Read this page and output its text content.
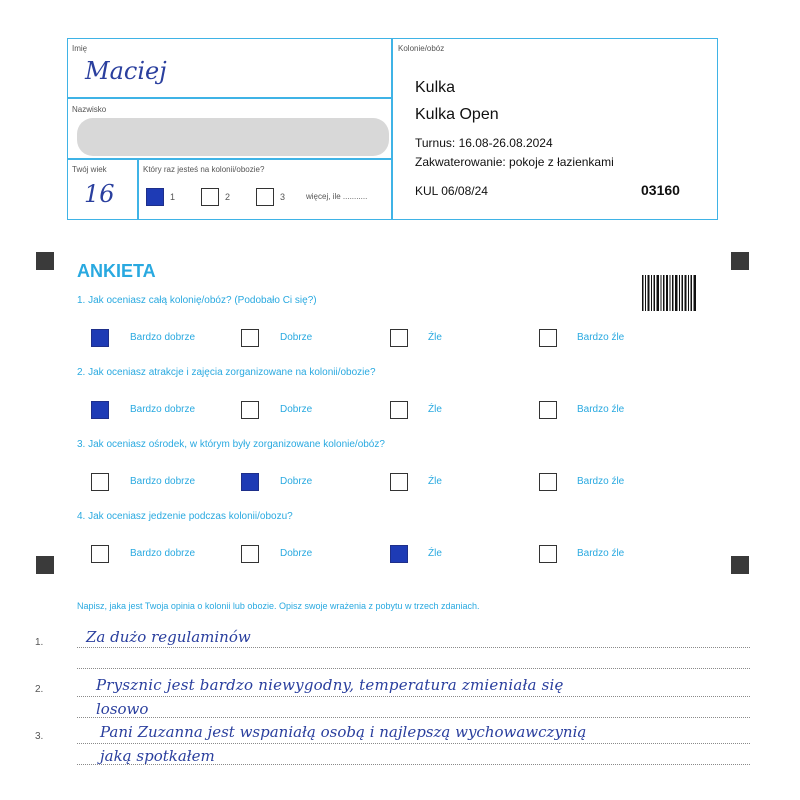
Imię
Maciej
Nazwisko
Twój wiek
16
Który raz jesteś na kolonii/obozie?
1	2	3	więcej, ile ...........
Kolonie/obóz
Kulka
Kulka Open
Turnus: 16.08-26.08.2024
Zakwaterowanie: pokoje z łazienkami
KUL 06/08/24	03160
ANKIETA
1. Jak oceniasz całą kolonię/obóz? (Podobało Ci się?)
Bardzo dobrze	Dobrze	Źle	Bardzo źle
2. Jak oceniasz atrakcje i zajęcia zorganizowane na kolonii/obozie?
Bardzo dobrze	Dobrze	Źle	Bardzo źle
3. Jak oceniasz ośrodek, w którym były zorganizowane kolonie/obóz?
Bardzo dobrze	Dobrze	Źle	Bardzo źle
4. Jak oceniasz jedzenie podczas kolonii/obozu?
Bardzo dobrze	Dobrze	Źle	Bardzo źle
Napisz, jaka jest Twoja opinia o kolonii lub obozie. Opisz swoje wrażenia z pobytu w trzech zdaniach.
1.
2.
3.
Za dużo regulaminów
Prysznic jest bardzo niewygodny, temperatura zmieniała się
losowo
Pani Zuzanna jest wspaniałą osobą i najlepszą wychowawczynią
jaką spotkałem
